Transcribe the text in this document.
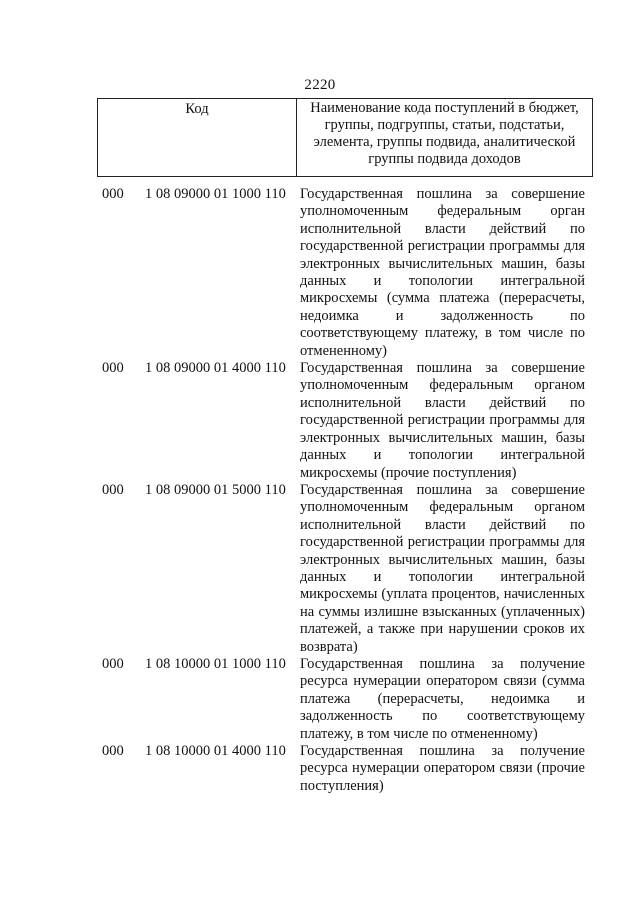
2220
Код	Наименование кода поступлений в бюджет,
группы, подгруппы, статьи, подстатьи,
элемента, группы подвида, аналитической
группы подвида доходов
000	1 08 09000 01 1000 110 Государственная пошлина за совершение
уполномоченным федеральным орган
исполнительной власти действий по
государственной регистрации программы для
электронных вычислительных машин, базы
данных и топологии интегральной
микросхемы (сумма платежа (перерасчеты,
недоимка и задолженность по
соответствующему платежу, в том числе по
отмененному)
000	1 08 09000 01 4000 110 Государственная пошлина за совершение
уполномоченным федеральным органом
исполнительной власти действий по
государственной регистрации программы для
электронных вычислительных машин, базы
данных и топологии интегральной
микросхемы (прочие поступления)
000	1 08 09000 01 5000 110 Государственная пошлина за совершение
уполномоченным федеральным органом
исполнительной власти действий по
государственной регистрации программы для
электронных вычислительных машин, базы
данных и топологии интегральной
микросхемы (уплата процентов, начисленных
на суммы излишне взысканных (уплаченных)
платежей, а также при нарушении сроков их
возврата)
000	1 08 10000 01 1000 110 Государственная пошлина за получение
ресурса нумерации оператором связи (сумма
платежа (перерасчеты, недоимка и
задолженность по соответствующему
платежу, в том числе по отмененному)
000	1 08 10000 01 4000 110 Государственная пошлина за получение
ресурса нумерации оператором связи (прочие
поступления)
